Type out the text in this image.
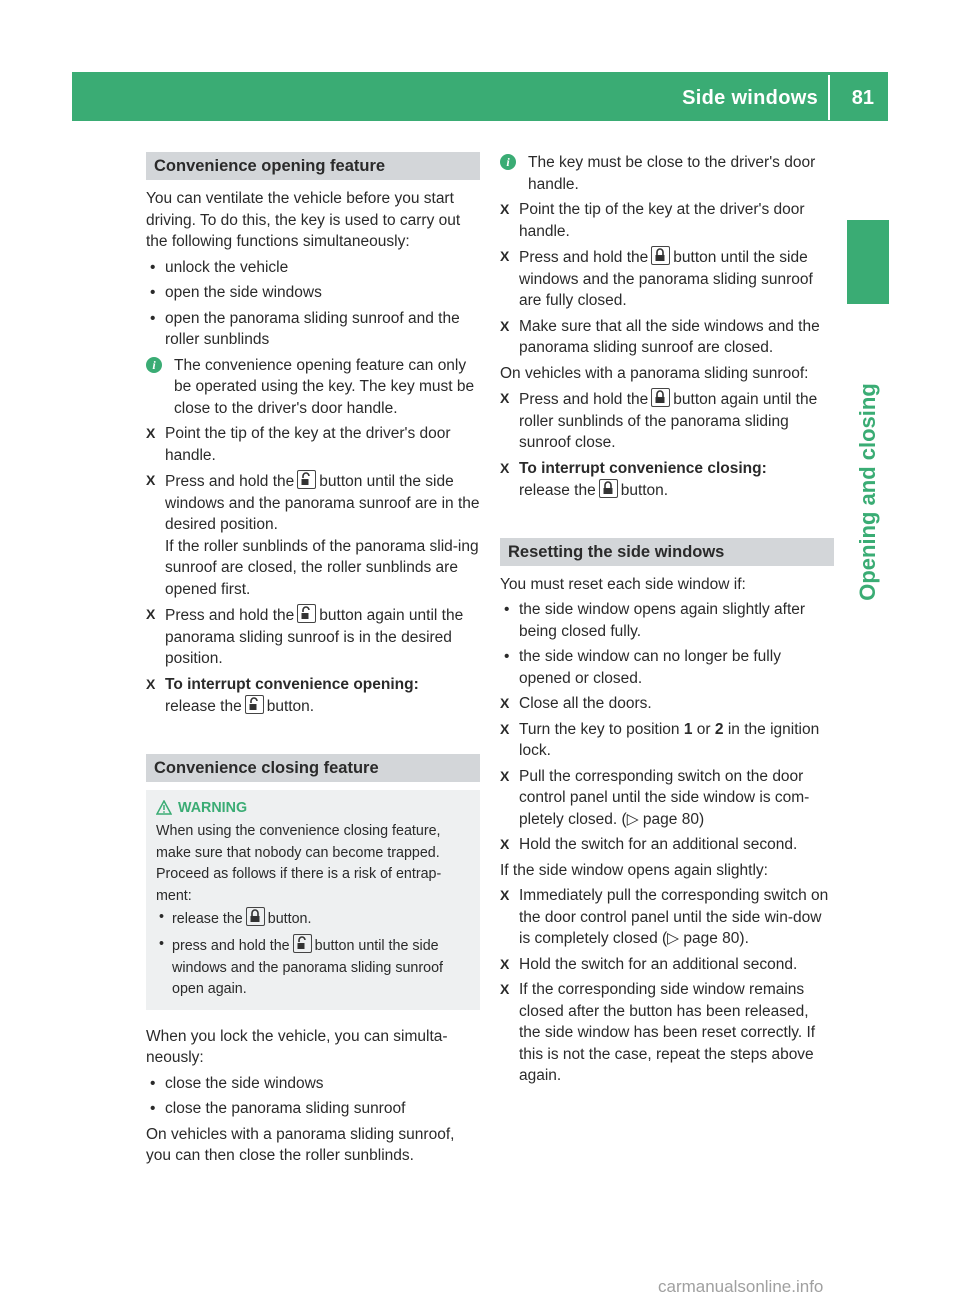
Side windows 81
Opening and closing
Convenience opening feature

You can ventilate the vehicle before you start driving. To do this, the key is used to carry out the following functions simultaneously:

• unlock the vehicle
• open the side windows
• open the panorama sliding sunroof and the roller sunblinds
i	The convenience opening feature can only be operated using the key. The key must be close to the driver's door handle.
X Point the tip of the key at the driver's door handle.
X Press and hold the button until the side windows and the panorama sunroof are in the desired position.
If the roller sunblinds of the panorama slid-ing sunroof are closed, the roller sunblinds are opened first.
X Press and hold the button again until the panorama sliding sunroof is in the desired position.
X To interrupt convenience opening:
release the button.
Convenience closing feature
WARNING
When using the convenience closing feature, make sure that nobody can become trapped. Proceed as follows if there is a risk of entrap-ment:
• release the button.
• press and hold the button until the side windows and the panorama sliding sunroof open again.

When you lock the vehicle, you can simulta-neously:

• close the side windows
• close the panorama sliding sunroof

On vehicles with a panorama sliding sunroof, you can then close the roller sunblinds.

i	The key must be close to the driver's door handle.
X Point the tip of the key at the driver's door handle.
X Press and hold the button until the side windows and the panorama sliding sunroof are fully closed.
X Make sure that all the side windows and the panorama sliding sunroof are closed.

On vehicles with a panorama sliding sunroof:

X Press and hold the button again until the roller sunblinds of the panorama sliding sunroof close.
X To interrupt convenience closing:
release the button.
Resetting the side windows

You must reset each side window if:

• the side window opens again slightly after being closed fully.
• the side window can no longer be fully opened or closed.
X Close all the doors.
X Turn the key to position 1 or 2 in the ignition lock.
X Pull the corresponding switch on the door control panel until the side window is com-pletely closed. (▷ page 80)
X Hold the switch for an additional second.

If the side window opens again slightly:

X Immediately pull the corresponding switch on the door control panel until the side win-dow is completely closed (▷ page 80).
X Hold the switch for an additional second.
X If the corresponding side window remains closed after the button has been released, the side window has been reset correctly. If this is not the case, repeat the steps above again.
carmanualsonline.info
